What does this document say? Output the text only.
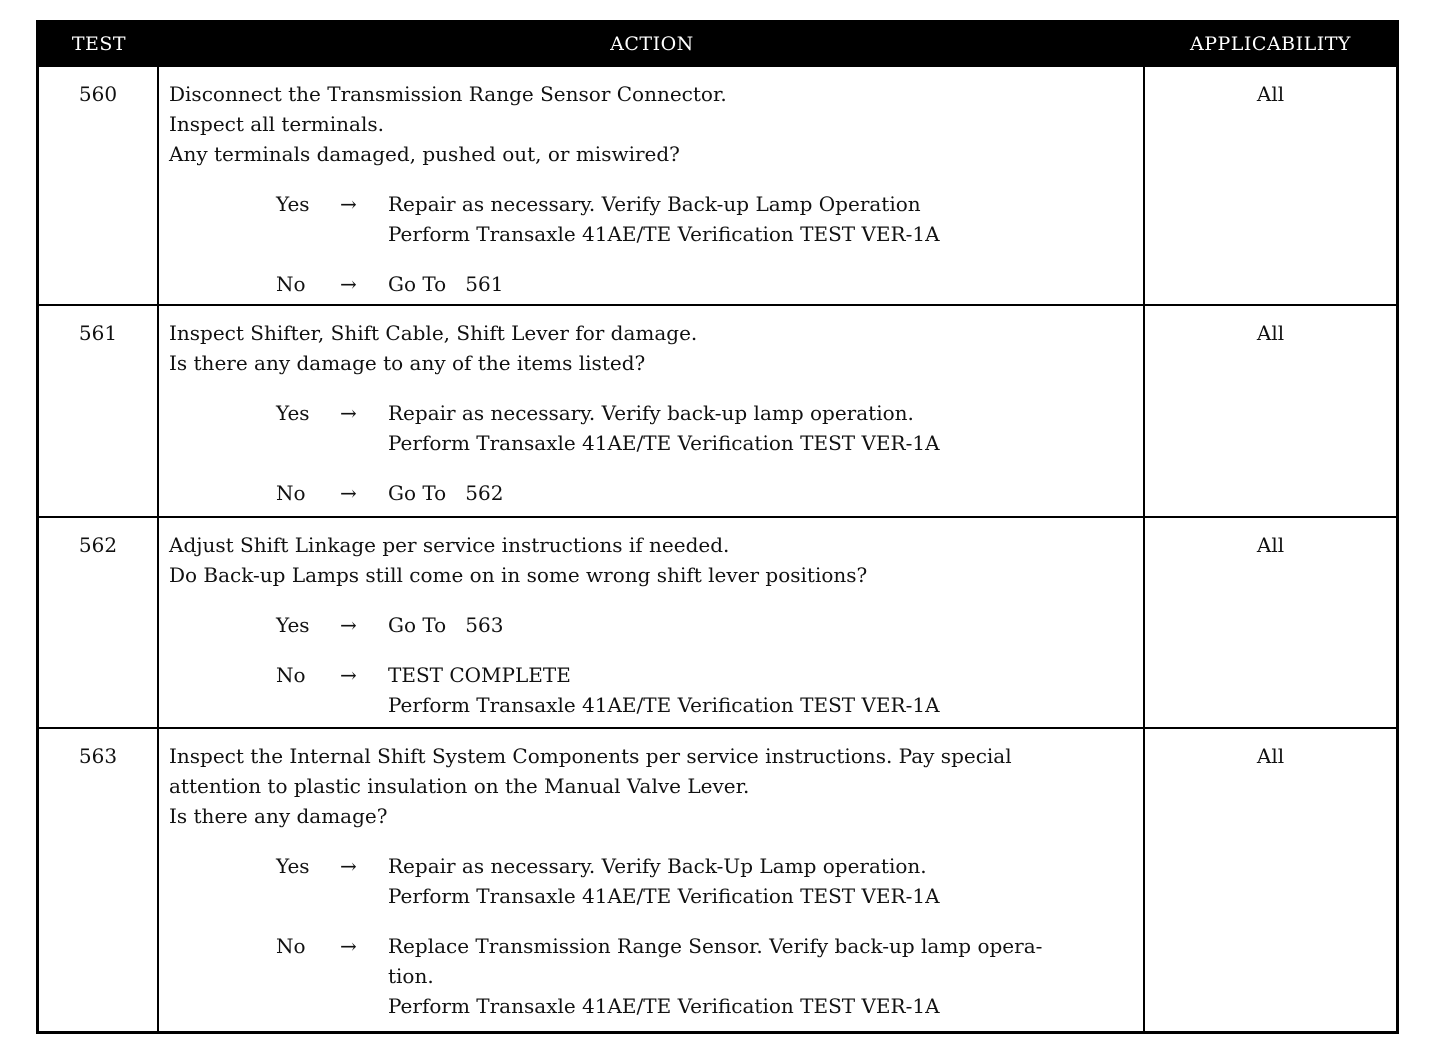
TEST	ACTION	APPLICABILITY
560	Disconnect the Transmission Range Sensor Connector.
Inspect all terminals.
Any terminals damaged, pushed out, or miswired?
Yes	→	Repair as necessary. Verify Back-up Lamp Operation
Perform Transaxle 41AE/TE Verification TEST VER-1A
No	→	Go To   561
All
561	Inspect Shifter, Shift Cable, Shift Lever for damage.
Is there any damage to any of the items listed?
Yes	→	Repair as necessary. Verify back-up lamp operation.
Perform Transaxle 41AE/TE Verification TEST VER-1A
No	→	Go To   562
All
562	Adjust Shift Linkage per service instructions if needed.
Do Back-up Lamps still come on in some wrong shift lever positions?
Yes	→	Go To   563
No	→	TEST COMPLETE
Perform Transaxle 41AE/TE Verification TEST VER-1A
All
563	Inspect the Internal Shift System Components per service instructions. Pay special
attention to plastic insulation on the Manual Valve Lever.
Is there any damage?
Yes	→	Repair as necessary. Verify Back-Up Lamp operation.
Perform Transaxle 41AE/TE Verification TEST VER-1A
No	→	Replace Transmission Range Sensor. Verify back-up lamp opera-
tion.
Perform Transaxle 41AE/TE Verification TEST VER-1A
All
